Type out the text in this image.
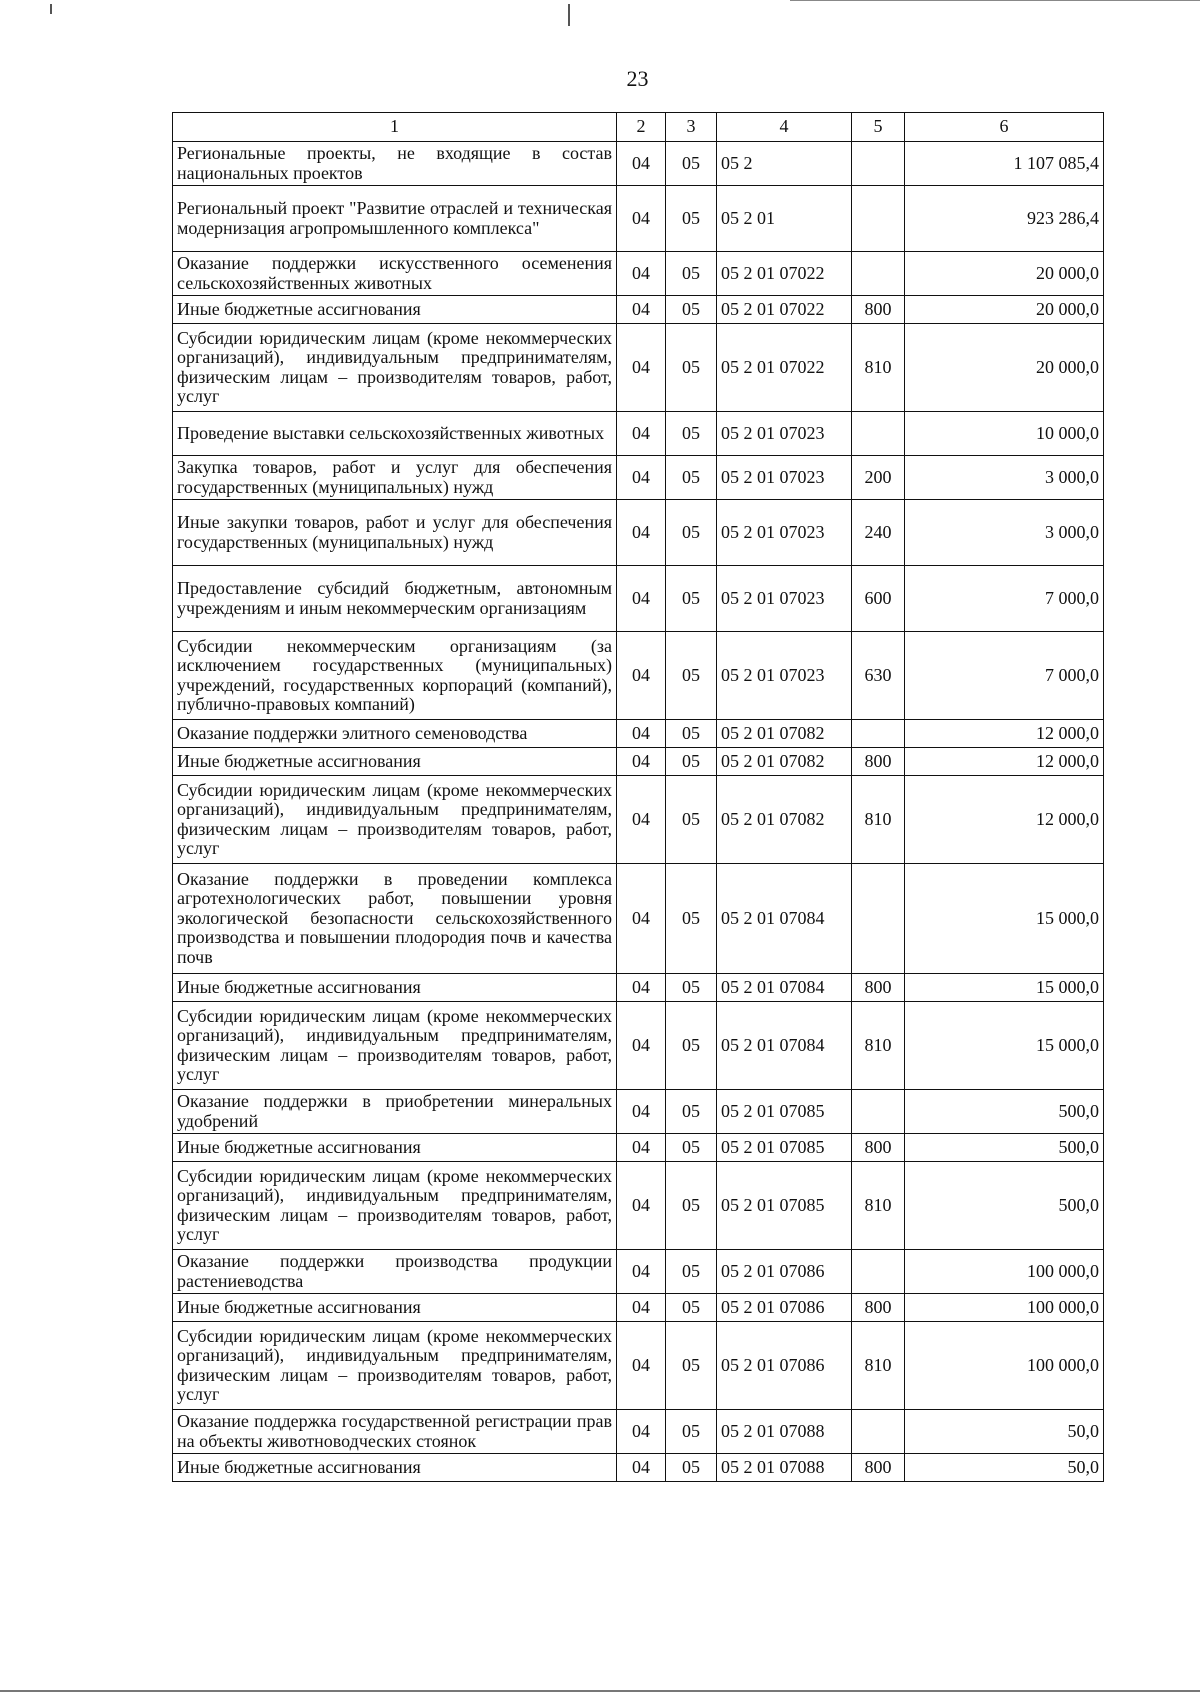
23
1	2	3	4	5	6
Региональные проекты, не входящие в состав национальных проектов	04	05	05 2		1 107 085,4
Региональный проект "Развитие отраслей и техническая модернизация агропромышленного комплекса"	04	05	05 2 01		923 286,4
Оказание поддержки искусственного осеменения сельскохозяйственных животных	04	05	05 2 01 07022		20 000,0
Иные бюджетные ассигнования	04	05	05 2 01 07022	800	20 000,0
Субсидии юридическим лицам (кроме некоммерческих организаций), индивидуальным предпринимателям, физическим лицам – производителям товаров, работ, услуг	04	05	05 2 01 07022	810	20 000,0
Проведение выставки сельскохозяйственных животных	04	05	05 2 01 07023		10 000,0
Закупка товаров, работ и услуг для обеспечения государственных (муниципальных) нужд	04	05	05 2 01 07023	200	3 000,0
Иные закупки товаров, работ и услуг для обеспечения государственных (муниципальных) нужд	04	05	05 2 01 07023	240	3 000,0
Предоставление субсидий бюджетным, автономным учреждениям и иным некоммерческим организациям	04	05	05 2 01 07023	600	7 000,0
Субсидии некоммерческим организациям (за исключением государственных (муниципальных) учреждений, государственных корпораций (компаний), публично-правовых компаний)	04	05	05 2 01 07023	630	7 000,0
Оказание поддержки элитного семеноводства	04	05	05 2 01 07082		12 000,0
Иные бюджетные ассигнования	04	05	05 2 01 07082	800	12 000,0
Субсидии юридическим лицам (кроме некоммерческих организаций), индивидуальным предпринимателям, физическим лицам – производителям товаров, работ, услуг	04	05	05 2 01 07082	810	12 000,0
Оказание поддержки в проведении комплекса агротехнологических работ, повышении уровня экологической безопасности сельскохозяйственного производства и повышении плодородия почв и качества почв	04	05	05 2 01 07084		15 000,0
Иные бюджетные ассигнования	04	05	05 2 01 07084	800	15 000,0
Субсидии юридическим лицам (кроме некоммерческих организаций), индивидуальным предпринимателям, физическим лицам – производителям товаров, работ, услуг	04	05	05 2 01 07084	810	15 000,0
Оказание поддержки в приобретении минеральных удобрений	04	05	05 2 01 07085		500,0
Иные бюджетные ассигнования	04	05	05 2 01 07085	800	500,0
Субсидии юридическим лицам (кроме некоммерческих организаций), индивидуальным предпринимателям, физическим лицам – производителям товаров, работ, услуг	04	05	05 2 01 07085	810	500,0
Оказание поддержки производства продукции растениеводства	04	05	05 2 01 07086		100 000,0
Иные бюджетные ассигнования	04	05	05 2 01 07086	800	100 000,0
Субсидии юридическим лицам (кроме некоммерческих организаций), индивидуальным предпринимателям, физическим лицам – производителям товаров, работ, услуг	04	05	05 2 01 07086	810	100 000,0
Оказание поддержка государственной регистрации прав на объекты животноводческих стоянок	04	05	05 2 01 07088		50,0
Иные бюджетные ассигнования	04	05	05 2 01 07088	800	50,0
